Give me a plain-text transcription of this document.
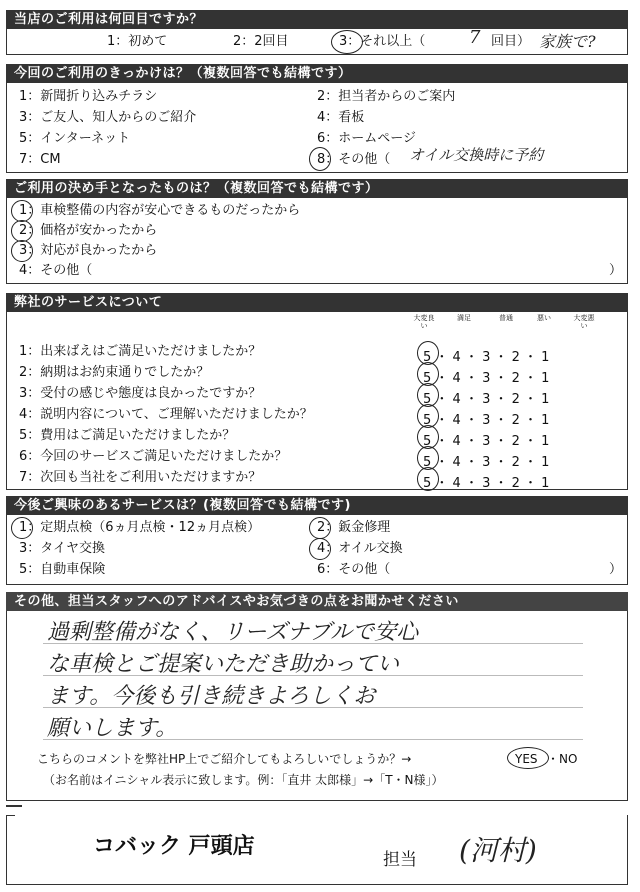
当店のご利用は何回目ですか？
1：初めて	2：2回目	3：それ以上（ 7 回目） 家族で?
今回のご利用のきっかけは？（複数回答でも結構です）
1：新聞折り込みチラシ	2：担当者からのご案内
3：ご友人、知人からのご紹介	4：看板
5：インターネット	6：ホームページ
7：CM	8：その他（ オイル交換時に予約
ご利用の決め手となったものは？（複数回答でも結構です）
1：車検整備の内容が安心できるものだったから
2：価格が安かったから
3：対応が良かったから
4：その他（	）
弊社のサービスについて
大変良い
満足	普通	悪い	大変悪い
1：出来ばえはご満足いただけましたか？	5 ・ 4 ・ 3 ・ 2 ・ 1
2：納期はお約束通りでしたか？	5 ・ 4 ・ 3 ・ 2 ・ 1
3：受付の感じや態度は良かったですか？	5 ・ 4 ・ 3 ・ 2 ・ 1
4：説明内容について、ご理解いただけましたか？	5 ・ 4 ・ 3 ・ 2 ・ 1
5：費用はご満足いただけましたか？	5 ・ 4 ・ 3 ・ 2 ・ 1
6：今回のサービスご満足いただけましたか？	5 ・ 4 ・ 3 ・ 2 ・ 1
7：次回も当社をご利用いただけますか？	5 ・ 4 ・ 3 ・ 2 ・ 1
今後ご興味のあるサービスは？(複数回答でも結構です)
1：定期点検（6ヵ月点検・12ヵ月点検）	2：鈑金修理
3：タイヤ交換	4：オイル交換
5：自動車保険	6：その他（	）
その他、担当スタッフへのアドバイスやお気づきの点をお聞かせください
過剰整備がなく、リーズナブルで安心
な車検とご提案いただき助かってい
ます。今後も引き続きよろしくお
願いします。
こちらのコメントを弊社HP上でご紹介してもよろしいでしょうか？→	YES ・ NO
（お名前はイニシャル表示に致します。例：「直井 太郎様」→「T・N様」）
コバック 戸頭店
担当 (河村)
